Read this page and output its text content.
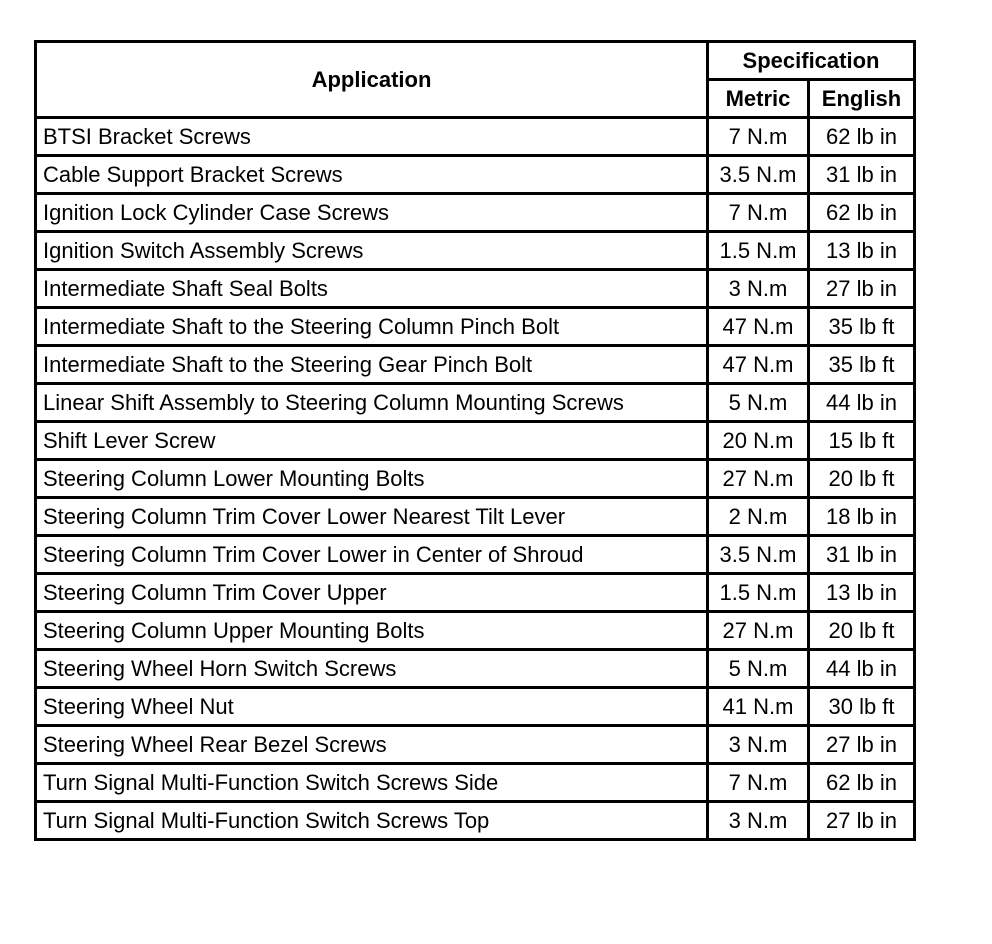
Application	Specification	
	Metric	English
BTSI Bracket Screws	7 N.m	62 lb in
Cable Support Bracket Screws	3.5 N.m	31 lb in
Ignition Lock Cylinder Case Screws	7 N.m	62 lb in
Ignition Switch Assembly Screws	1.5 N.m	13 lb in
Intermediate Shaft Seal Bolts	3 N.m	27 lb in
Intermediate Shaft to the Steering Column Pinch Bolt	47 N.m	35 lb ft
Intermediate Shaft to the Steering Gear Pinch Bolt	47 N.m	35 lb ft
Linear Shift Assembly to Steering Column Mounting Screws	5 N.m	44 lb in
Shift Lever Screw	20 N.m	15 lb ft
Steering Column Lower Mounting Bolts	27 N.m	20 lb ft
Steering Column Trim Cover Lower Nearest Tilt Lever	2 N.m	18 lb in
Steering Column Trim Cover Lower in Center of Shroud	3.5 N.m	31 lb in
Steering Column Trim Cover Upper	1.5 N.m	13 lb in
Steering Column Upper Mounting Bolts	27 N.m	20 lb ft
Steering Wheel Horn Switch Screws	5 N.m	44 lb in
Steering Wheel Nut	41 N.m	30 lb ft
Steering Wheel Rear Bezel Screws	3 N.m	27 lb in
Turn Signal Multi-Function Switch Screws Side	7 N.m	62 lb in
Turn Signal Multi-Function Switch Screws Top	3 N.m	27 lb in
